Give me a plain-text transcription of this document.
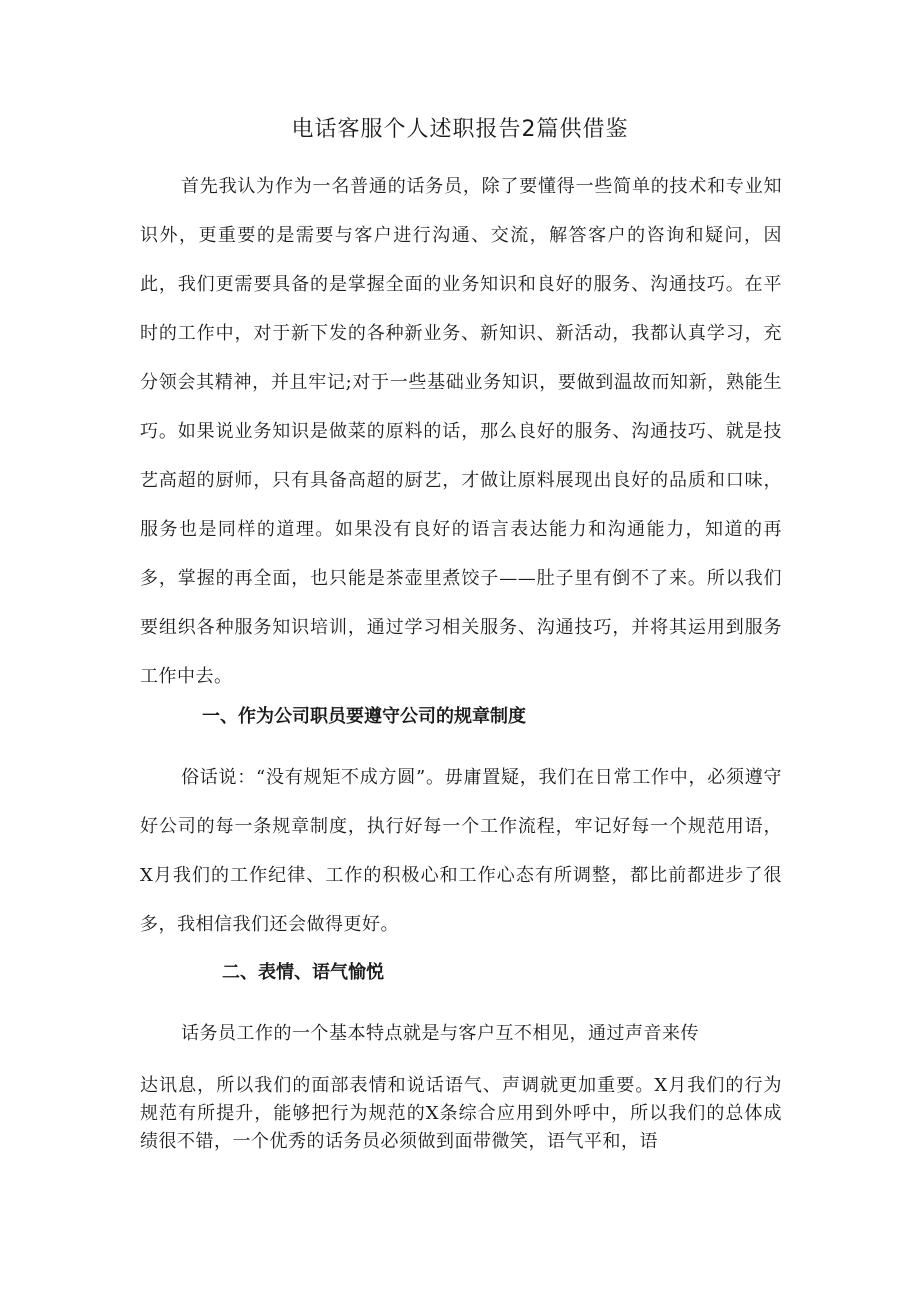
电话客服个人述职报告2篇供借鉴

首先我认为作为一名普通的话务员，除了要懂得一些简单的技术和专业知识外，更重要的是需要与客户进行沟通、交流，解答客户的咨询和疑问，因此，我们更需要具备的是掌握全面的业务知识和良好的服务、沟通技巧。在平时的工作中，对于新下发的各种新业务、新知识、新活动，我都认真学习，充分领会其精神，并且牢记;对于一些基础业务知识，要做到温故而知新，熟能生巧。如果说业务知识是做菜的原料的话，那么良好的服务、沟通技巧、就是技艺高超的厨师，只有具备高超的厨艺，才做让原料展现出良好的品质和口味，服务也是同样的道理。如果没有良好的语言表达能力和沟通能力，知道的再多，掌握的再全面，也只能是茶壶里煮饺子——肚子里有倒不了来。所以我们要组织各种服务知识培训，通过学习相关服务、沟通技巧，并将其运用到服务工作中去。

一、作为公司职员要遵守公司的规章制度

俗话说：“没有规矩不成方圆”。毋庸置疑，我们在日常工作中，必须遵守好公司的每一条规章制度，执行好每一个工作流程，牢记好每一个规范用语，X月我们的工作纪律、工作的积极心和工作心态有所调整，都比前都进步了很多，我相信我们还会做得更好。

二、表情、语气愉悦

话务员工作的一个基本特点就是与客户互不相见，通过声音来传

达讯息，所以我们的面部表情和说话语气、声调就更加重要。X月我们的行为规范有所提升，能够把行为规范的X条综合应用到外呼中，所以我们的总体成绩很不错，一个优秀的话务员必须做到面带微笑，语气平和，语
